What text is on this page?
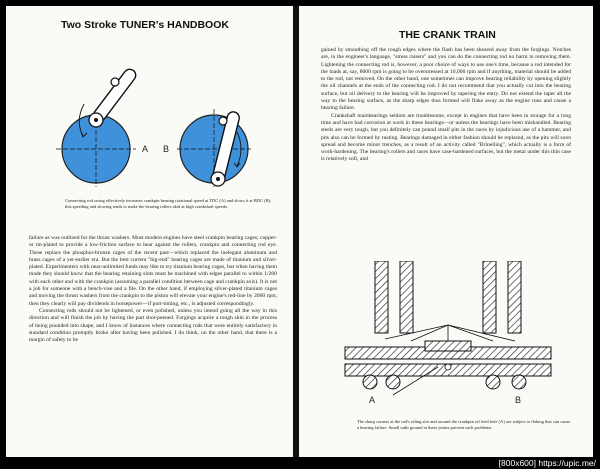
Two Stroke TUNER's HANDBOOK
A B
Connecting rod swing effectively increases crankpin bearing rotational speed at TDC (A) and slows it at BDC (B): this speeding and slowing tends to make the bearing rollers skid at high crankshaft speeds.
failure as was outlined for the thrust washers. Most modern engines have steel crankpin bearing cages; copper- or tin-plated to provide a low-friction surface to bear against the rollers, crankpin and connecting rod eye. These replace the phosphor-bronze cages of the recent past—which replaced the inelegant aluminum and brass cages of a yet-earlier era. But the best current "big-end" bearing cages are made of titanium and silver-plated. Experimenters with near-unlimited funds may like to try titanium bearing cages, but when having them made they should know that the bearing retaining slots must be machined with edges parallel to within 1/200 with each other and with the crankpin (assuming a parallel condition between cage and crankpin axis). It is not a job for someone with a bench-vise and a file. On the other hand, if employing silver-plated titanium cages and moving the thrust washers from the crankpin to the piston will elevate your engine's red-line by 2000 rpm, then they clearly will pay dividends in horsepower—if port-timing, etc., is adjusted correspondingly.
Connecting rods should not be lightened, or even polished, unless you intend going all the way in this direction and will finish the job by having the part shot-peened. Forgings acquire a tough skin in the process of being pounded into shape, and I know of instances where connecting rods that were entirely satisfactory in standard condition promptly broke after having been polished. I do think, on the other hand, that there is a margin of safety to be
THE CRANK TRAIN
gained by smoothing off the rough edges where the flash has been sheared away from the forgings. Notches are, in the engineer's language, "stress raisers" and you can do the connecting rod no harm in removing them. Lightening the connecting rod is, however, a poor choice of ways to use one's time, because a rod intended for the loads at, say, 8000 rpm is going to be overstressed at 10,000 rpm and if anything, material should be added to the rod, not removed. On the other hand, one sometimes can improve bearing reliability by opening slightly the oil channels at the ends of the connecting rod. I do not recommend that you actually cut into the bearing surface, but oil delivery to the bearing will be improved by tapering the entry. Do not extend the taper all the way to the bearing surface, as the sharp edges thus formed will flake away as the engine runs and cause a bearing failure.
Crankshaft mainbearings seldom are troublesome, except in engines that have been in storage for a long time and have had corrosion at work in these bearings—or unless the bearings have been mishandled. Bearing steels are very tough, but you definitely can pound small pits in the races by injudicious use of a hammer, and pits also can be formed by rusting. Bearings damaged in either fashion should be replaced, as the pits will soon spread and become minor trenches, as a result of an activity called "Brinelling", which actually is a form of work-hardening. The bearing's rollers and races have case-hardened surfaces, but the metal under this thin case is relatively soft, and
A	B
The sharp corners at the rod's oiling slot and around the crankpin oil feed hole (A) are subject to flaking that can cause a bearing failure. Small radii ground at these points prevent such problems.
[800x600] https://upic.me/
